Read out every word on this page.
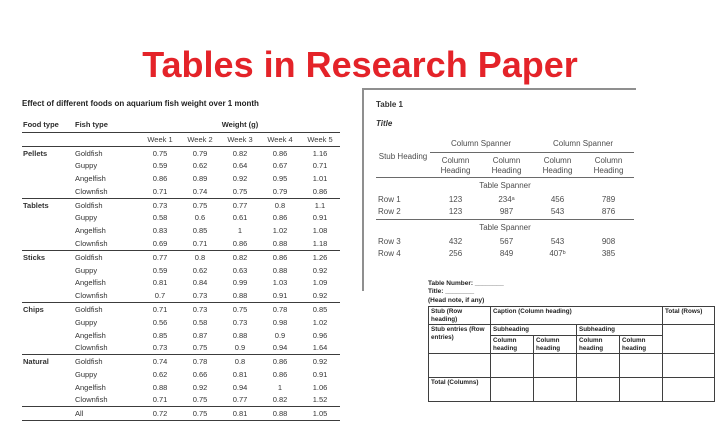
Tables in Research Paper
Effect of different foods on aquarium fish weight over 1 month
Food type	Fish type	Weight (g)				
		Week 1	Week 2	Week 3	Week 4	Week 5
Pellets	Goldfish	0.75	0.79	0.82	0.86	1.16
	Guppy	0.59	0.62	0.64	0.67	0.71
	Angelfish	0.86	0.89	0.92	0.95	1.01
	Clownfish	0.71	0.74	0.75	0.79	0.86
Tablets	Goldfish	0.73	0.75	0.77	0.8	1.1
	Guppy	0.58	0.6	0.61	0.86	0.91
	Angelfish	0.83	0.85	1	1.02	1.08
	Clownfish	0.69	0.71	0.86	0.88	1.18
Sticks	Goldfish	0.77	0.8	0.82	0.86	1.26
	Guppy	0.59	0.62	0.63	0.88	0.92
	Angelfish	0.81	0.84	0.99	1.03	1.09
	Clownfish	0.7	0.73	0.88	0.91	0.92
Chips	Goldfish	0.71	0.73	0.75	0.78	0.85
	Guppy	0.56	0.58	0.73	0.98	1.02
	Angelfish	0.85	0.87	0.88	0.9	0.96
	Clownfish	0.73	0.75	0.9	0.94	1.64
Natural	Goldfish	0.74	0.78	0.8	0.86	0.92
	Guppy	0.62	0.66	0.81	0.86	0.91
	Angelfish	0.88	0.92	0.94	1	1.06
	Clownfish	0.71	0.75	0.77	0.82	1.52
	All	0.72	0.75	0.81	0.88	1.05
Table 1
Title
Stub Heading	Column Spanner		Column Spanner	
	Column Heading	Column Heading	Column Heading	Column Heading
Table Spanner				
Row 1	123	234ᵃ	456	789
Row 2	123	987	543	876
Table Spanner				
Row 3	432	567	543	908
Row 4	256	849	407ᵇ	385
Table Number: ________
Title: ________
(Head note, if any)
Stub (Row heading)	Caption (Column heading)				Total (Rows)
Stub entries (Row entries)	Subheading		Subheading		
	Column heading	Column heading	Column heading	Column heading	

Total (Columns)					
